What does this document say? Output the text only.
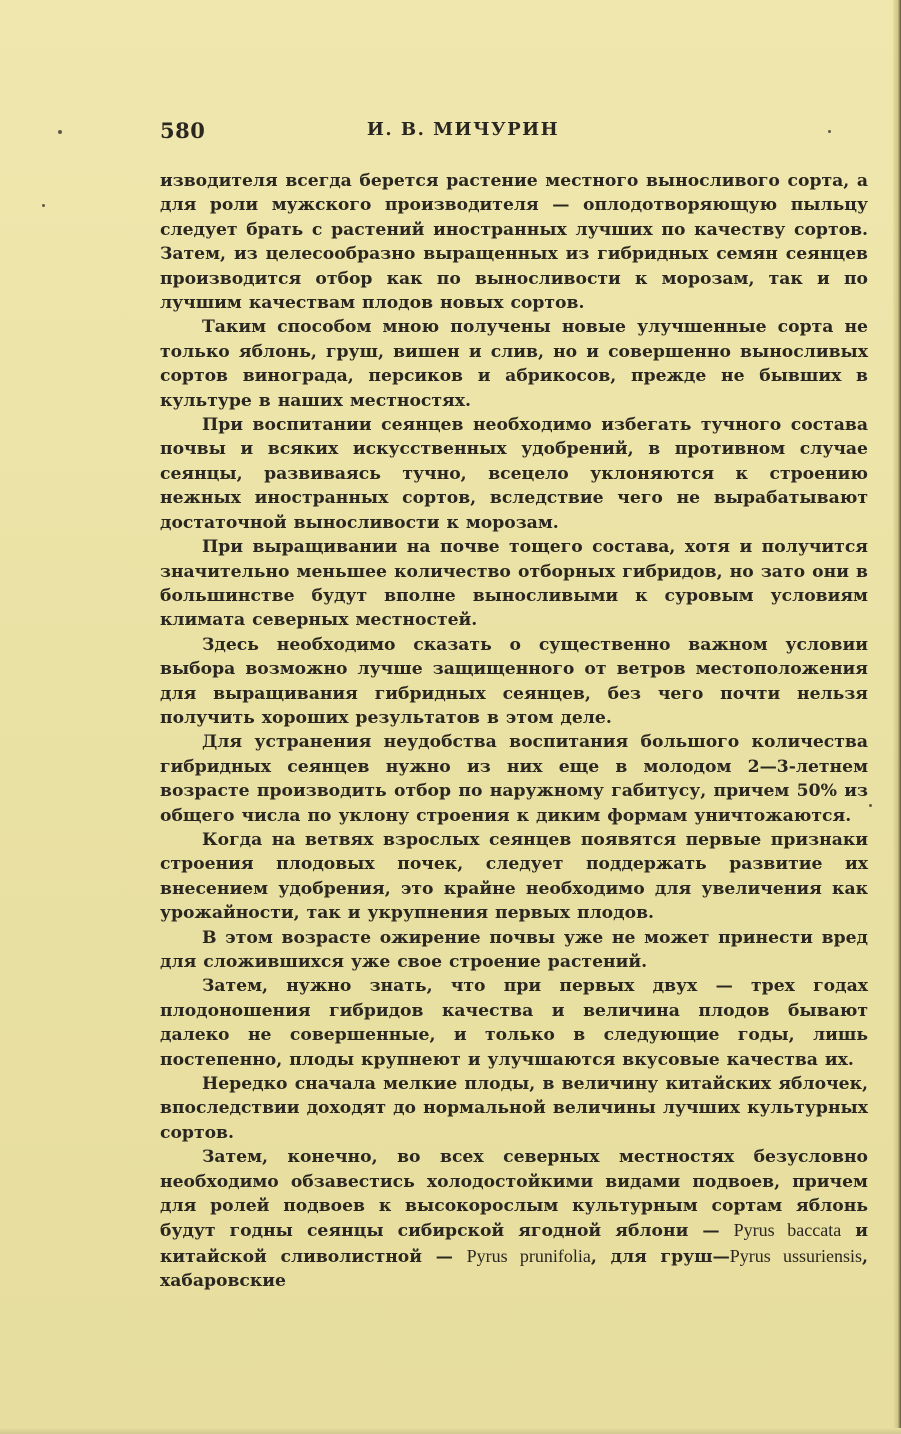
580	И. В. МИЧУРИН

изводителя всегда берется растение местного выносливого сорта, а для роли мужского производителя — оплодотворяющую пыльцу следует брать с растений иностранных лучших по качеству сортов. Затем, из целесообразно выращенных из гибридных семян сеянцев производится отбор как по выносливости к морозам, так и по лучшим качествам плодов новых сортов.

Таким способом мною получены новые улучшенные сорта не только яблонь, груш, вишен и слив, но и совершенно выносливых сортов винограда, персиков и абрикосов, прежде не бывших в культуре в наших местностях.

При воспитании сеянцев необходимо избегать тучного состава почвы и всяких искусственных удобрений, в противном случае сеянцы, развиваясь тучно, всецело уклоняются к строению нежных иностранных сортов, вследствие чего не вырабатывают достаточной выносливости к морозам.

При выращивании на почве тощего состава, хотя и получится значительно меньшее количество отборных гибридов, но зато они в большинстве будут вполне выносливыми к суровым условиям климата северных местностей.

Здесь необходимо сказать о существенно важном условии выбора возможно лучше защищенного от ветров местоположения для выращивания гибридных сеянцев, без чего почти нельзя получить хороших результатов в этом деле.

Для устранения неудобства воспитания большого количества гибридных сеянцев нужно из них еще в молодом 2—3-летнем возрасте производить отбор по наружному габитусу, причем 50% из общего числа по уклону строения к диким формам уничтожаются.

Когда на ветвях взрослых сеянцев появятся первые признаки строения плодовых почек, следует поддержать развитие их внесением удобрения, это крайне необходимо для увеличения как урожайности, так и укрупнения первых плодов.

В этом возрасте ожирение почвы уже не может принести вред для сложившихся уже свое строение растений.

Затем, нужно знать, что при первых двух — трех годах плодоношения гибридов качества и величина плодов бывают далеко не совершенные, и только в следующие годы, лишь постепенно, плоды крупнеют и улучшаются вкусовые качества их.

Нередко сначала мелкие плоды, в величину китайских яблочек, впоследствии доходят до нормальной величины лучших культурных сортов.

Затем, конечно, во всех северных местностях безусловно необходимо обзавестись холодостойкими видами подвоев, причем для ролей подвоев к высокорослым культурным сортам яблонь будут годны сеянцы сибирской ягодной яблони — Pyrus baccata и китайской сливолистной — Pyrus prunifolia, для груш—Pyrus ussuriensis, хабаровские
